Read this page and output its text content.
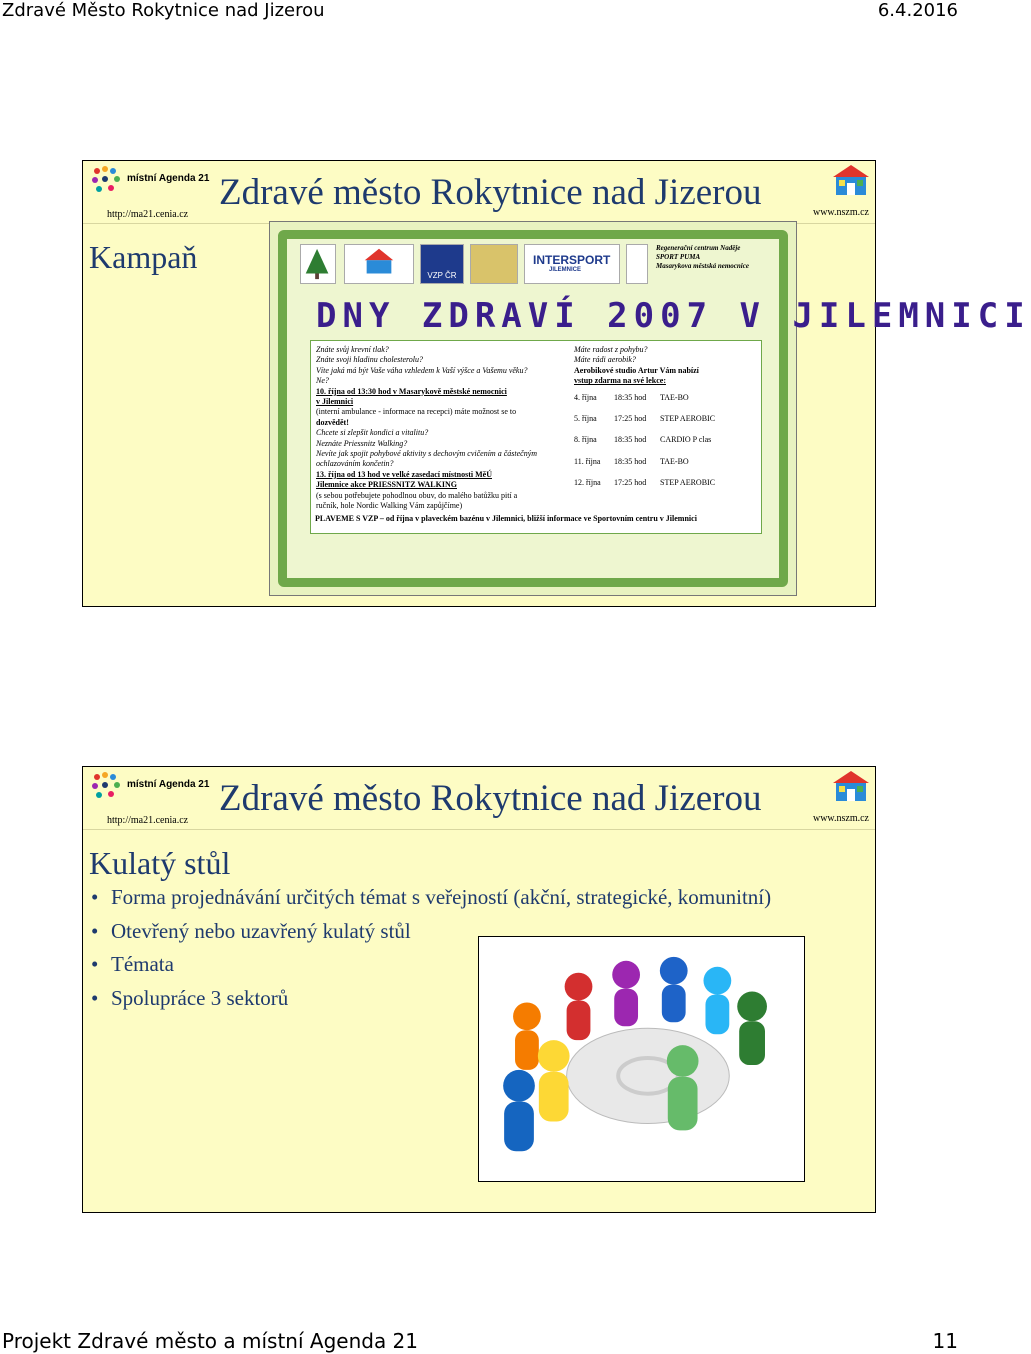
Zdravé Město Rokytnice nad Jizerou	6.4.2016
místní Agenda 21
http://ma21.cenia.cz
Zdravé město Rokytnice nad Jizerou	www.nszm.cz
Kampaň
VZP ČR
INTERSPORT
JILEMNICE
Regenerační centrum Naděje
SPORT PUMA
Masarykova městská nemocnice
DNY ZDRAVÍ 2007 V JILEMNICI
Znáte svůj krevní tlak?
Znáte svoji hladinu cholesterolu?
Víte jaká má být Vaše váha vzhledem k Vaší výšce a Vašemu věku?
Ne?
10. října od 13:30 hod v Masarykově městské nemocnici
v Jilemnici
(interní ambulance - informace na recepci) máte možnost se to
dozvědět!
Chcete si zlepšit kondici a vitalitu?
Neznáte Priessnitz Walking?
Nevíte jak spojit pohybové aktivity s dechovým cvičením a částečným
ochlazováním končetin?
13. října od 13 hod ve velké zasedací místnosti MěÚ
Jilemnice akce PRIESSNITZ WALKING
(s sebou potřebujete pohodlnou obuv, do malého batůžku pití a
ručník, hole Nordic Walking Vám zapůjčíme)
Máte radost z pohybu?
Máte rádi aerobik?
Aerobikové studio Artur Vám nabízí
vstup zdarma na své lekce:
4. října	18:35 hod	TAE-BO
5. října	17:25 hod	STEP AEROBIC
8. října	18:35 hod	CARDIO P clas
11. října	18:35 hod	TAE-BO
12. října	17:25 hod	STEP AEROBIC
PLAVEME S VZP – od října v plaveckém bazénu v Jilemnici, bližší informace ve Sportovním centru v Jilemnici
místní Agenda 21
http://ma21.cenia.cz
Zdravé město Rokytnice nad Jizerou	www.nszm.cz
Kulatý stůl
• Forma projednávání určitých témat s veřejností (akční, strategické, komunitní)
• Otevřený nebo uzavřený kulatý stůl
• Témata
• Spolupráce 3 sektorů
Projekt Zdravé město a místní Agenda 21	11
